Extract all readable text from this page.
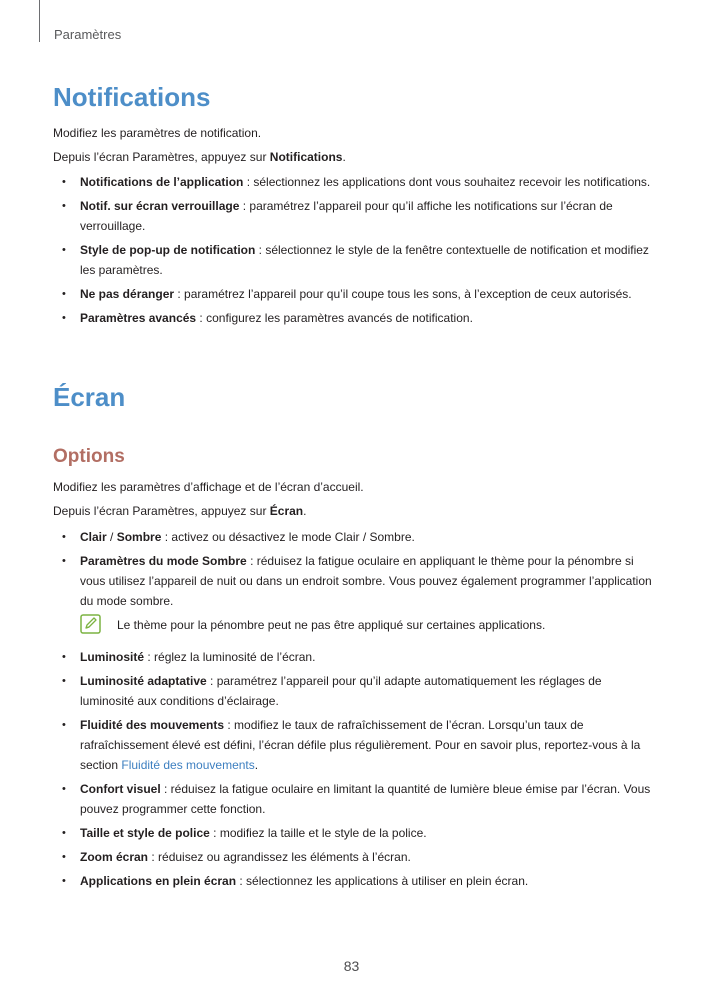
Paramètres
Notifications
Modifiez les paramètres de notification.
Depuis l’écran Paramètres, appuyez sur Notifications.
• Notifications de l’application : sélectionnez les applications dont vous souhaitez recevoir les notifications.
• Notif. sur écran verrouillage : paramétrez l’appareil pour qu’il affiche les notifications sur l’écran de verrouillage.
• Style de pop-up de notification : sélectionnez le style de la fenêtre contextuelle de notification et modifiez les paramètres.
• Ne pas déranger : paramétrez l’appareil pour qu’il coupe tous les sons, à l’exception de ceux autorisés.
• Paramètres avancés : configurez les paramètres avancés de notification.
Écran
Options
Modifiez les paramètres d’affichage et de l’écran d’accueil.
Depuis l’écran Paramètres, appuyez sur Écran.
• Clair / Sombre : activez ou désactivez le mode Clair / Sombre.
• Paramètres du mode Sombre : réduisez la fatigue oculaire en appliquant le thème pour la pénombre si vous utilisez l’appareil de nuit ou dans un endroit sombre. Vous pouvez également programmer l’application du mode sombre.
Le thème pour la pénombre peut ne pas être appliqué sur certaines applications.
• Luminosité : réglez la luminosité de l’écran.
• Luminosité adaptative : paramétrez l’appareil pour qu’il adapte automatiquement les réglages de luminosité aux conditions d’éclairage.
• Fluidité des mouvements : modifiez le taux de rafraîchissement de l’écran. Lorsqu’un taux de rafraîchissement élevé est défini, l’écran défile plus régulièrement. Pour en savoir plus, reportez-vous à la section Fluidité des mouvements.
• Confort visuel : réduisez la fatigue oculaire en limitant la quantité de lumière bleue émise par l’écran. Vous pouvez programmer cette fonction.
• Taille et style de police : modifiez la taille et le style de la police.
• Zoom écran : réduisez ou agrandissez les éléments à l’écran.
• Applications en plein écran : sélectionnez les applications à utiliser en plein écran.
83
